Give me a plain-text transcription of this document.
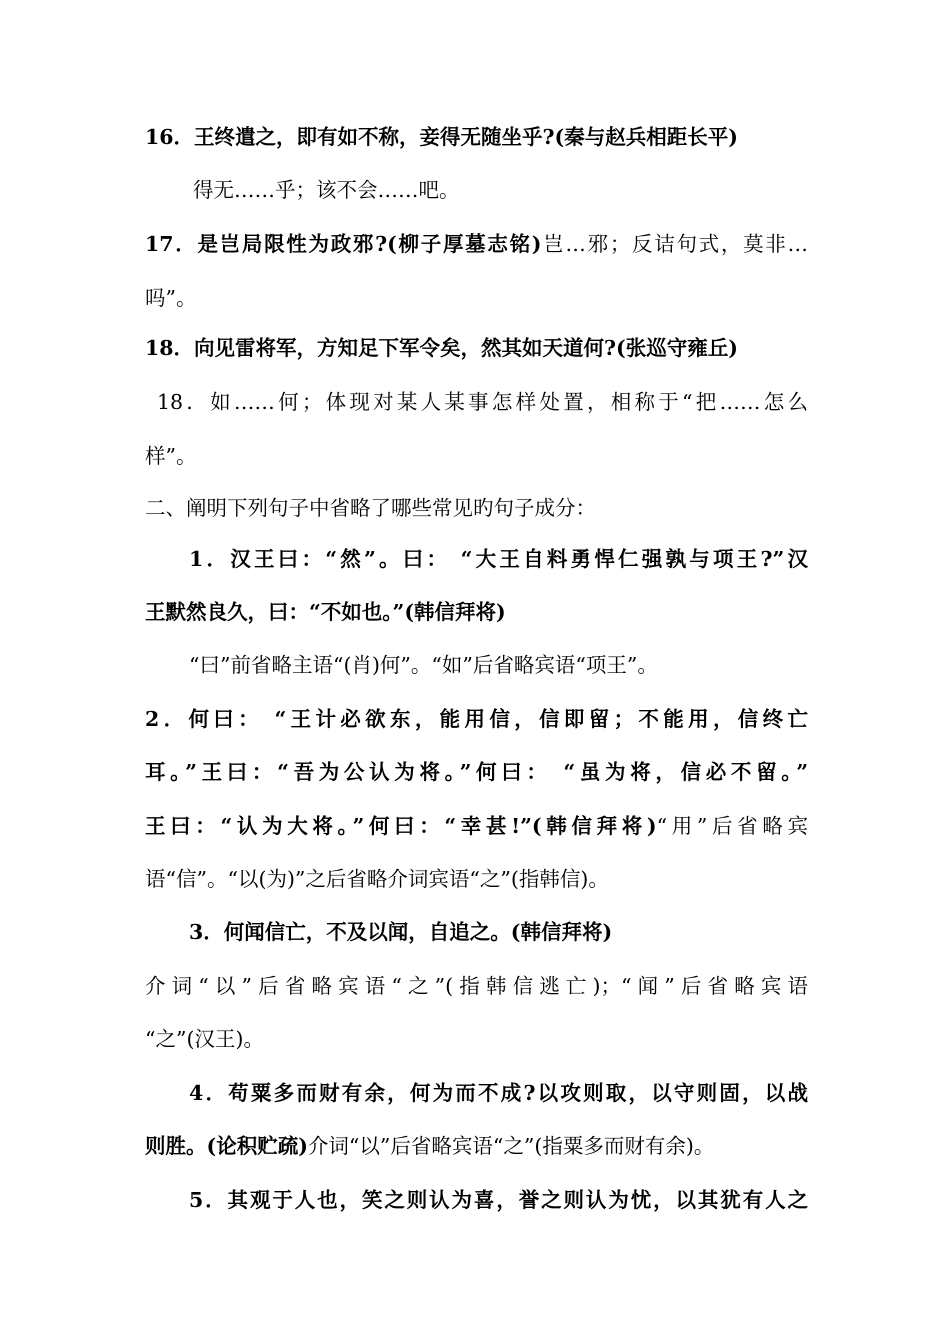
16．王终遣之，即有如不称，妾得无随坐乎?(秦与赵兵相距长平)
得无……乎；该不会……吧。
17．是岂局限性为政邪?(柳子厚墓志铭)岂…邪；反诘句式，莫非…
吗”。
18．向见雷将军，方知足下军令矣，然其如天道何?(张巡守雍丘)
18．如……何；体现对某人某事怎样处置，相称于“把……怎么
样”。
二、阐明下列句子中省略了哪些常见旳句子成分：
1．汉王曰：“然”。曰： “大王自料勇悍仁强孰与项王?”汉
王默然良久，曰：“不如也。”(韩信拜将)
“曰”前省略主语“(肖)何”。“如”后省略宾语“项王”。
2．何曰： “王计必欲东，能用信，信即留；不能用，信终亡
耳。”王曰：“吾为公认为将。”何曰： “虽为将，信必不留。”
王曰：“认为大将。”何曰：“幸甚!”(韩信拜将)“用”后省略宾
语“信”。“以(为)”之后省略介词宾语“之”(指韩信)。
3．何闻信亡，不及以闻，自追之。(韩信拜将)
介词“以”后省略宾语“之”(指韩信逃亡)；“闻”后省略宾语
“之”(汉王)。
4．苟粟多而财有余，何为而不成?以攻则取，以守则固，以战
则胜。(论积贮疏)介词“以”后省略宾语“之”(指粟多而财有余)。
5．其观于人也，笑之则认为喜，誉之则认为忧，以其犹有人之
